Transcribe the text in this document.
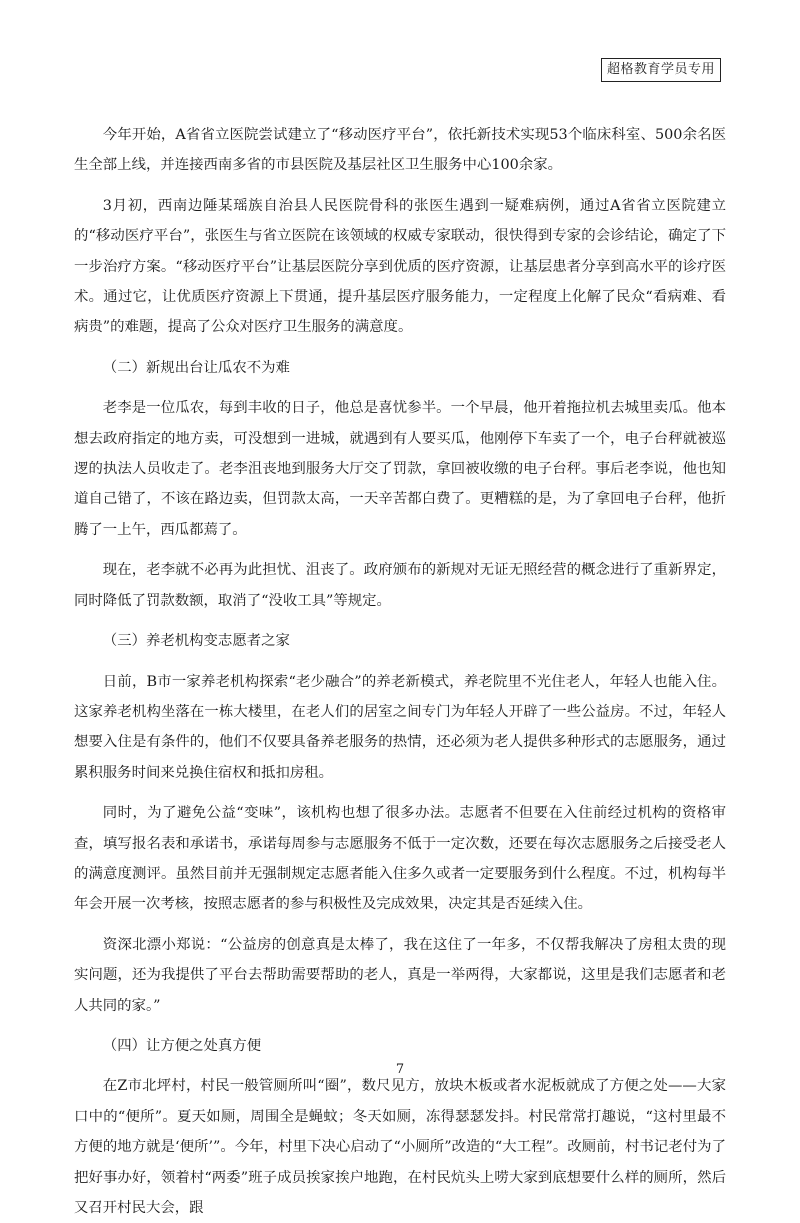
超格教育学员专用

今年开始，A省省立医院尝试建立了“移动医疗平台”，依托新技术实现53个临床科室、500余名医生全部上线，并连接西南多省的市县医院及基层社区卫生服务中心100余家。

3月初，西南边陲某瑶族自治县人民医院骨科的张医生遇到一疑难病例，通过A省省立医院建立的“移动医疗平台”，张医生与省立医院在该领域的权威专家联动，很快得到专家的会诊结论，确定了下一步治疗方案。“移动医疗平台”让基层医院分享到优质的医疗资源，让基层患者分享到高水平的诊疗医术。通过它，让优质医疗资源上下贯通，提升基层医疗服务能力，一定程度上化解了民众“看病难、看病贵”的难题，提高了公众对医疗卫生服务的满意度。

（二）新规出台让瓜农不为难

老李是一位瓜农，每到丰收的日子，他总是喜忧参半。一个早晨，他开着拖拉机去城里卖瓜。他本想去政府指定的地方卖，可没想到一进城，就遇到有人要买瓜，他刚停下车卖了一个，电子台秤就被巡逻的执法人员收走了。老李沮丧地到服务大厅交了罚款，拿回被收缴的电子台秤。事后老李说，他也知道自己错了，不该在路边卖，但罚款太高，一天辛苦都白费了。更糟糕的是，为了拿回电子台秤，他折腾了一上午，西瓜都蔫了。

现在，老李就不必再为此担忧、沮丧了。政府颁布的新规对无证无照经营的概念进行了重新界定，同时降低了罚款数额，取消了“没收工具”等规定。

（三）养老机构变志愿者之家

日前，B市一家养老机构探索“老少融合”的养老新模式，养老院里不光住老人，年轻人也能入住。这家养老机构坐落在一栋大楼里，在老人们的居室之间专门为年轻人开辟了一些公益房。不过，年轻人想要入住是有条件的，他们不仅要具备养老服务的热情，还必须为老人提供多种形式的志愿服务，通过累积服务时间来兑换住宿权和抵扣房租。

同时，为了避免公益“变味”，该机构也想了很多办法。志愿者不但要在入住前经过机构的资格审查，填写报名表和承诺书，承诺每周参与志愿服务不低于一定次数，还要在每次志愿服务之后接受老人的满意度测评。虽然目前并无强制规定志愿者能入住多久或者一定要服务到什么程度。不过，机构每半年会开展一次考核，按照志愿者的参与积极性及完成效果，决定其是否延续入住。

资深北漂小郑说：“公益房的创意真是太棒了，我在这住了一年多，不仅帮我解决了房租太贵的现实问题，还为我提供了平台去帮助需要帮助的老人，真是一举两得，大家都说，这里是我们志愿者和老人共同的家。”

（四）让方便之处真方便

在Z市北坪村，村民一般管厕所叫“圈”，数尺见方，放块木板或者水泥板就成了方便之处——大家口中的“便所”。夏天如厕，周围全是蝇蚊；冬天如厕，冻得瑟瑟发抖。村民常常打趣说，“这村里最不方便的地方就是‘便所’”。今年，村里下决心启动了“小厕所”改造的“大工程”。改厕前，村书记老付为了把好事办好，领着村“两委”班子成员挨家挨户地跑，在村民炕头上唠大家到底想要什么样的厕所，然后又召开村民大会，跟

7
